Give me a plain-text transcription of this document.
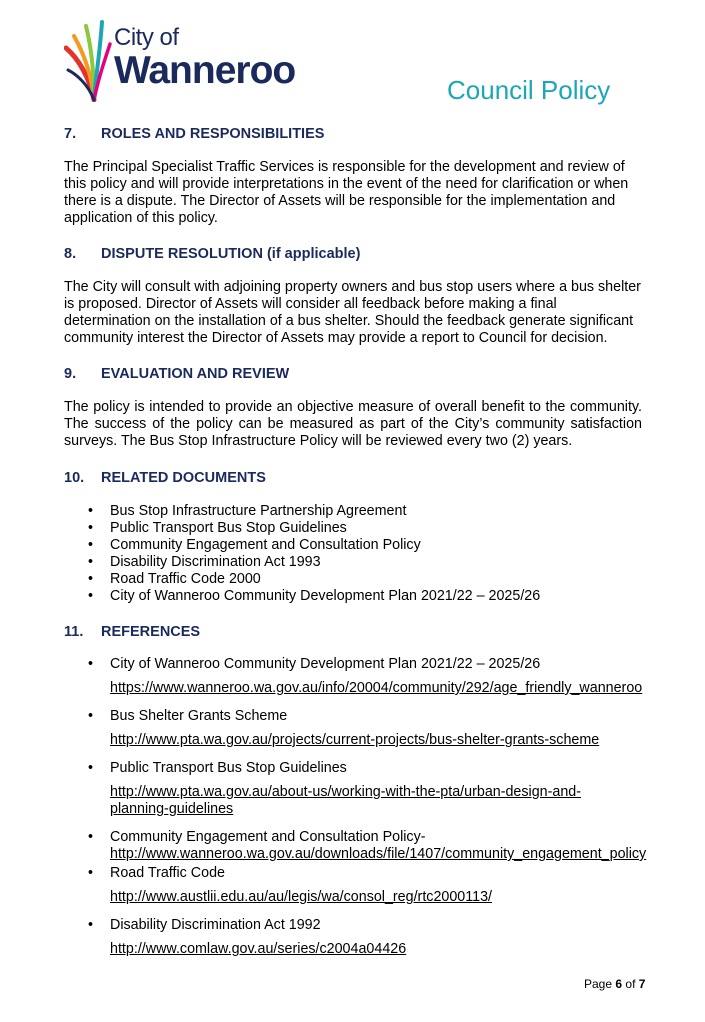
City of
Wanneroo	Council Policy
7.	ROLES AND RESPONSIBILITIES

The Principal Specialist Traffic Services is responsible for the development and review of this policy and will provide interpretations in the event of the need for clarification or when there is a dispute. The Director of Assets will be responsible for the implementation and application of this policy.

8.	DISPUTE RESOLUTION (if applicable)

The City will consult with adjoining property owners and bus stop users where a bus shelter is proposed. Director of Assets will consider all feedback before making a final determination on the installation of a bus shelter. Should the feedback generate significant community interest the Director of Assets may provide a report to Council for decision.

9.	EVALUATION AND REVIEW

The policy is intended to provide an objective measure of overall benefit to the community. The success of the policy can be measured as part of the City’s community satisfaction surveys. The Bus Stop Infrastructure Policy will be reviewed every two (2) years.

10.	RELATED DOCUMENTS
• Bus Stop Infrastructure Partnership Agreement
• Public Transport Bus Stop Guidelines
• Community Engagement and Consultation Policy
• Disability Discrimination Act 1993
• Road Traffic Code 2000
• City of Wanneroo Community Development Plan 2021/22 – 2025/26
11.	REFERENCES
• City of Wanneroo Community Development Plan 2021/22 – 2025/26
https://www.wanneroo.wa.gov.au/info/20004/community/292/age_friendly_wanneroo
• Bus Shelter Grants Scheme
http://www.pta.wa.gov.au/projects/current-projects/bus-shelter-grants-scheme
• Public Transport Bus Stop Guidelines
http://www.pta.wa.gov.au/about-us/working-with-the-pta/urban-design-and-planning-guidelines
• Community Engagement and Consultation Policy-
http://www.wanneroo.wa.gov.au/downloads/file/1407/community_engagement_policy
• Road Traffic Code
http://www.austlii.edu.au/au/legis/wa/consol_reg/rtc2000113/
• Disability Discrimination Act 1992
http://www.comlaw.gov.au/series/c2004a04426
Page 6 of 7
